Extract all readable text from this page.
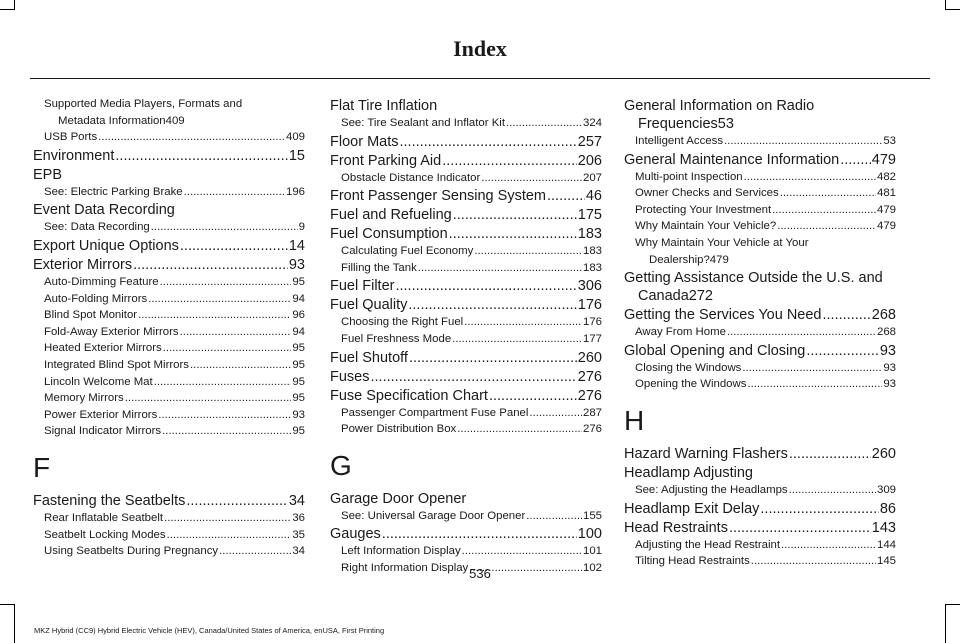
Index
Supported Media Players, Formats and
Metadata Information 409
USB Ports .....	409
Environment .....	15
EPB
See: Electric Parking Brake .....	196
Event Data Recording
See: Data Recording .....	9
Export Unique Options .....	14
Exterior Mirrors .....	93
Auto-Dimming Feature .....	95
Auto-Folding Mirrors .....	94
Blind Spot Monitor .....	96
Fold-Away Exterior Mirrors .....	94
Heated Exterior Mirrors .....	95
Integrated Blind Spot Mirrors .....	95
Lincoln Welcome Mat .....	95
Memory Mirrors .....	95
Power Exterior Mirrors .....	93
Signal Indicator Mirrors .....	95
F
Fastening the Seatbelts .....	34
Rear Inflatable Seatbelt .....	36
Seatbelt Locking Modes .....	35
Using Seatbelts During Pregnancy .....	34
Flat Tire Inflation
See: Tire Sealant and Inflator Kit .....	324
Floor Mats .....	257
Front Parking Aid .....	206
Obstacle Distance Indicator .....	207
Front Passenger Sensing System .....	46
Fuel and Refueling .....	175
Fuel Consumption .....	183
Calculating Fuel Economy .....	183
Filling the Tank .....	183
Fuel Filter .....	306
Fuel Quality .....	176
Choosing the Right Fuel .....	176
Fuel Freshness Mode .....	177
Fuel Shutoff .....	260
Fuses .....	276
Fuse Specification Chart .....	276
Passenger Compartment Fuse Panel .....	287
Power Distribution Box .....	276
G
Garage Door Opener
See: Universal Garage Door Opener .....	155
Gauges .....	100
Left Information Display .....	101
Right Information Display .....	102
General Information on Radio
Frequencies 53
Intelligent Access .....	53
General Maintenance Information ..... 479
Multi-point Inspection .....	482
Owner Checks and Services .....	481
Protecting Your Investment .....	479
Why Maintain Your Vehicle? .....	479
Why Maintain Your Vehicle at Your
Dealership? 479
Getting Assistance Outside the U.S. and
Canada 272
Getting the Services You Need .....	268
Away From Home .....	268
Global Opening and Closing .....	93
Closing the Windows .....	93
Opening the Windows .....	93
H
Hazard Warning Flashers .....	260
Headlamp Adjusting
See: Adjusting the Headlamps .....	309
Headlamp Exit Delay .....	86
Head Restraints .....	143
Adjusting the Head Restraint .....	144
Tilting Head Restraints .....	145
536
MKZ Hybrid (CC9) Hybrid Electric Vehicle (HEV), Canada/United States of America, enUSA, First Printing
